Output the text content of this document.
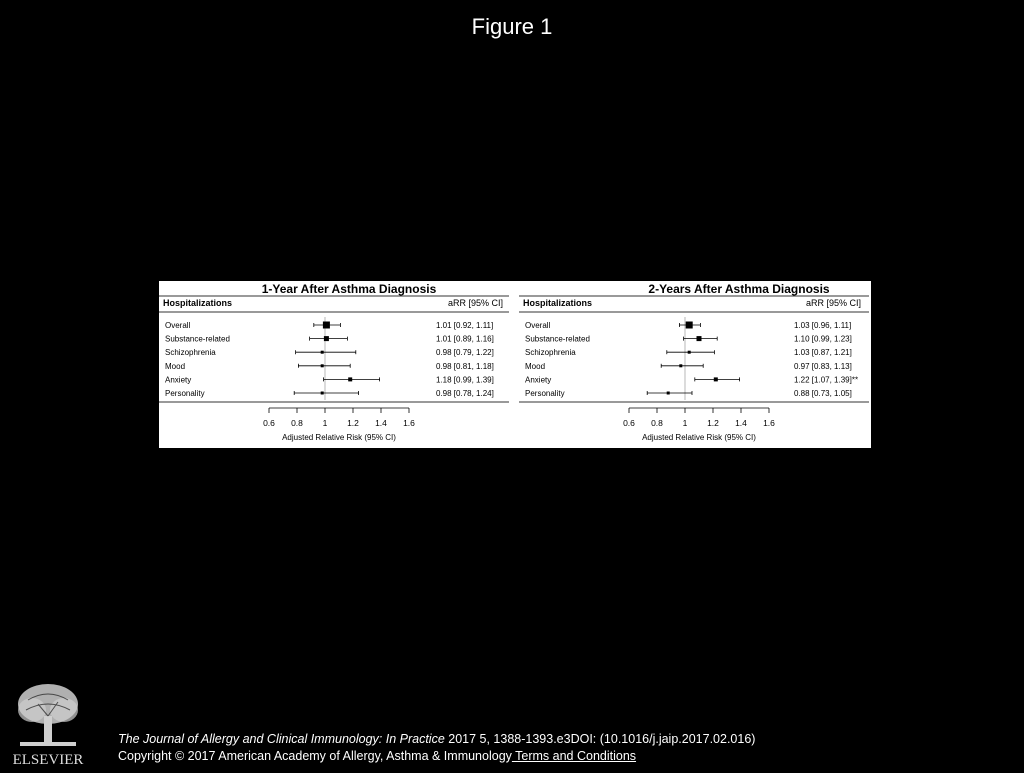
Figure 1
1-Year After Asthma Diagnosis
Hospitalizations	aRR [95% CI]
Overall	1.01 [0.92, 1.11]
Substance-related	1.01 [0.89, 1.16]
Schizophrenia	0.98 [0.79, 1.22]
Mood	0.98 [0.81, 1.18]
Anxiety	1.18 [0.99, 1.39]
Personality	0.98 [0.78, 1.24]
0.6 0.8 1 1.2 1.4 1.6
Adjusted Relative Risk (95% CI)
2-Years After Asthma Diagnosis
Hospitalizations	aRR [95% CI]
Overall	1.03 [0.96, 1.11]
Substance-related	1.10 [0.99, 1.23]
Schizophrenia	1.03 [0.87, 1.21]
Mood	0.97 [0.83, 1.13]
Anxiety	1.22 [1.07, 1.39]**
Personality	0.88 [0.73, 1.05]
0.6 0.8 1 1.2 1.4 1.6
Adjusted Relative Risk (95% CI)
ELSEVIER
The Journal of Allergy and Clinical Immunology: In Practice 2017 5, 1388-1393.e3DOI: (10.1016/j.jaip.2017.02.016)
Copyright © 2017 American Academy of Allergy, Asthma & Immunology Terms and Conditions
